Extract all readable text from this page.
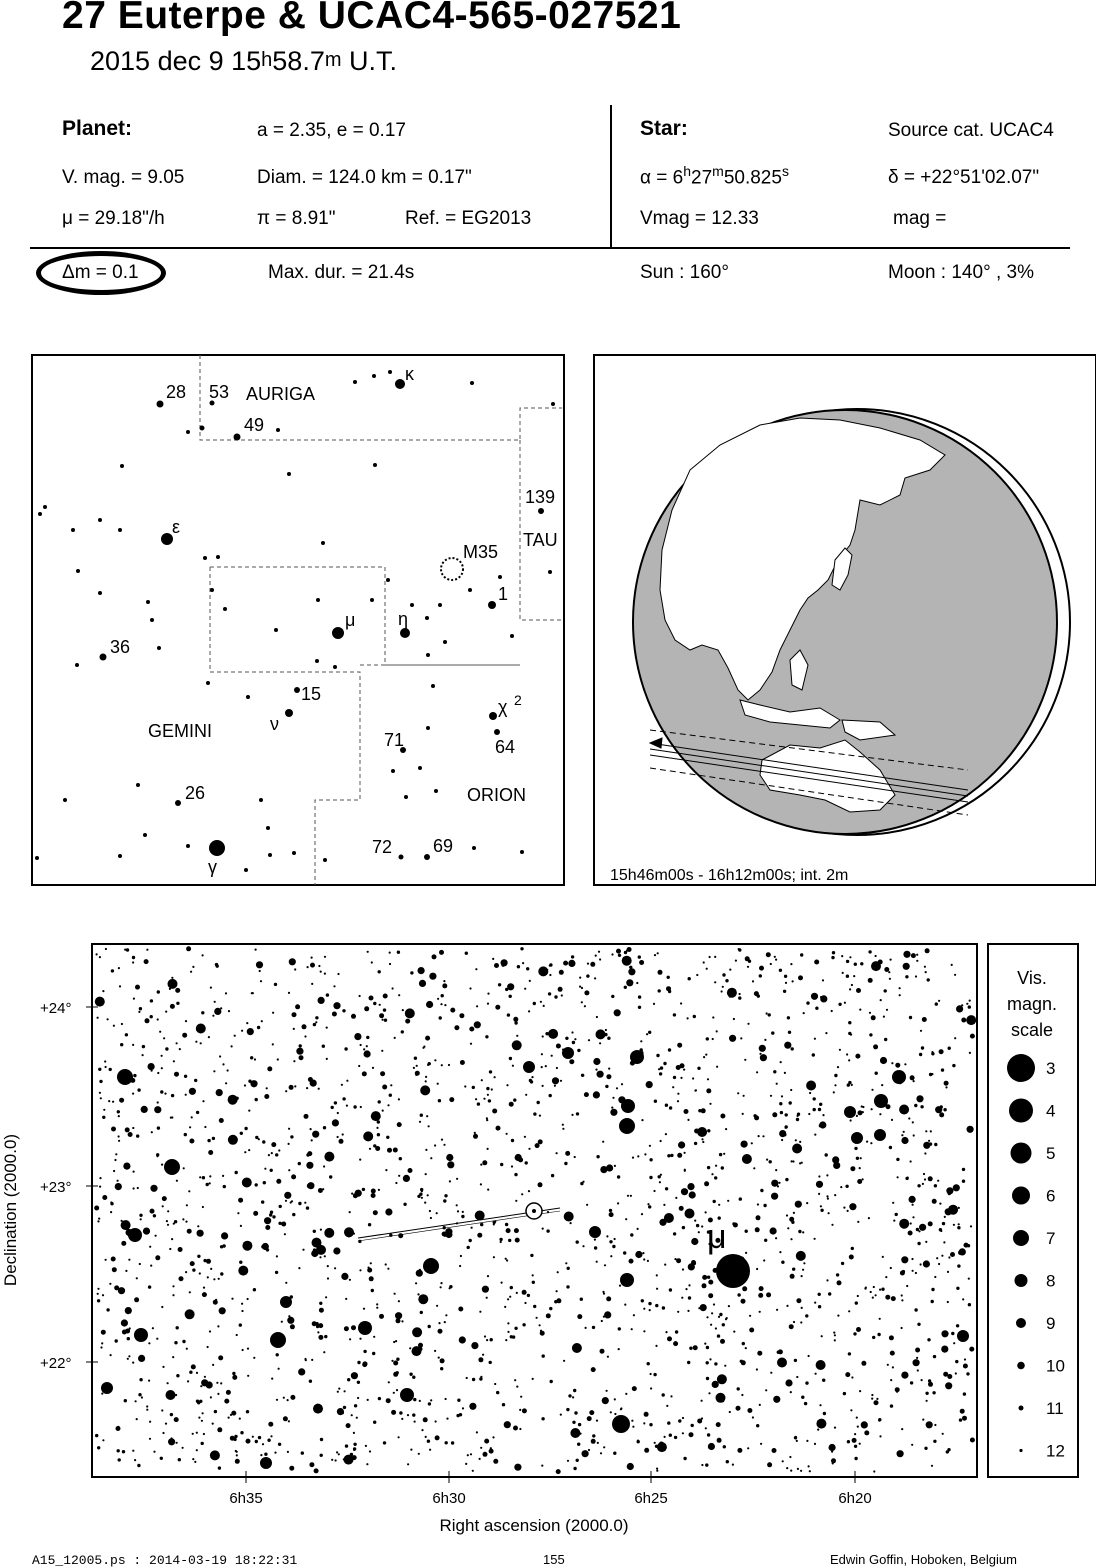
27 Euterpe & UCAC4-565-027521
2015 dec 9 15$^h$58.7$^m$ U.T.
Planet:	a = 2.35, e = 0.17
V. mag. = 9.05	Diam. = 124.0 km = 0.17"
μ = 29.18"/h	π = 8.91"	Ref. = EG2013
Star:	Source cat. UCAC4
$\alpha = 6^h27^m50.825^s$	δ = +22°51'02.07"
Vmag = 12.33	mag =
Δm = 0.1	Max. dur. = 21.4s	Sun : 160°	Moon : 140° , 3%
κ
28 53 AURIGA
49
139
TAU
ε
M35
1
μ η
36
15
ν
χ 2
GEMINI	71	64
26	ORION
γ
72 69
15h46m00s - 16h12m00s; int. 2m
μ
+24°
+23°
+22°
6h35	6h30	6h25	6h20
Right ascension (2000.0)
Declination (2000.0)
Vis.
magn.
scale
3
4
5
6
7
8
9
10
11
12
A15_12005.ps : 2014-03-19 18:22:31	155	Edwin Goffin, Hoboken, Belgium
